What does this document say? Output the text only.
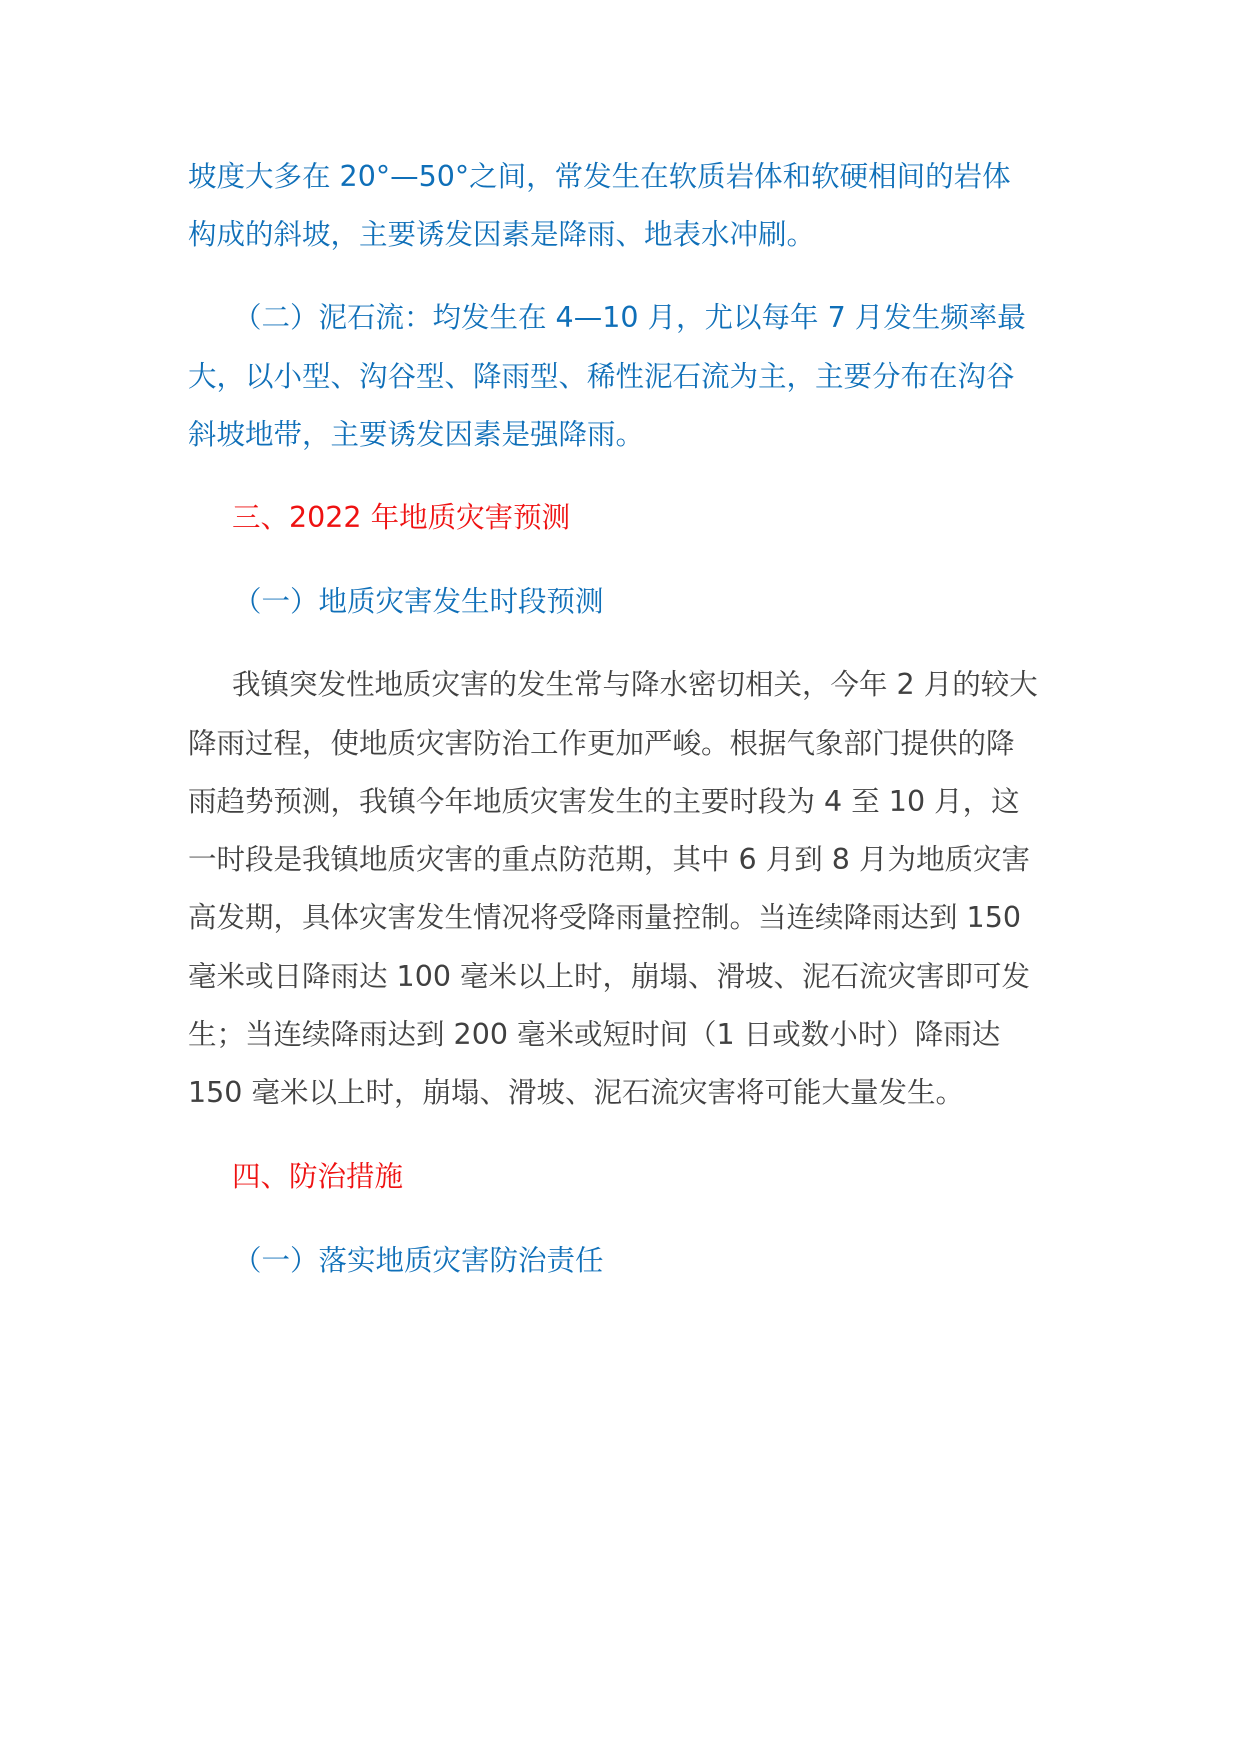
坡度大多在 20°—50°之间，常发生在软质岩体和软硬相间的岩体
构成的斜坡，主要诱发因素是降雨、地表水冲刷。
（二）泥石流：均发生在 4—10 月，尤以每年 7 月发生频率最
大，以小型、沟谷型、降雨型、稀性泥石流为主，主要分布在沟谷
斜坡地带，主要诱发因素是强降雨。
三、2022 年地质灾害预测
（一）地质灾害发生时段预测
我镇突发性地质灾害的发生常与降水密切相关，今年 2 月的较大
降雨过程，使地质灾害防治工作更加严峻。根据气象部门提供的降
雨趋势预测，我镇今年地质灾害发生的主要时段为 4 至 10 月，这
一时段是我镇地质灾害的重点防范期，其中 6 月到 8 月为地质灾害
高发期，具体灾害发生情况将受降雨量控制。当连续降雨达到 150
毫米或日降雨达 100 毫米以上时，崩塌、滑坡、泥石流灾害即可发
生；当连续降雨达到 200 毫米或短时间（1 日或数小时）降雨达
150 毫米以上时，崩塌、滑坡、泥石流灾害将可能大量发生。
四、防治措施
（一）落实地质灾害防治责任
